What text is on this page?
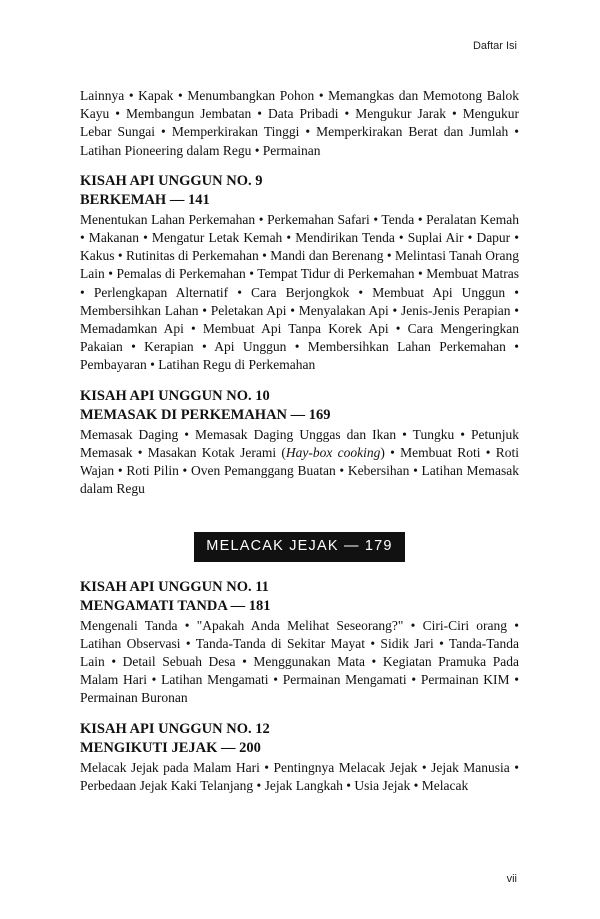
Daftar Isi

Lainnya • Kapak • Menumbangkan Pohon • Memangkas dan Memotong Balok Kayu • Membangun Jembatan • Data Pribadi • Mengukur Jarak • Mengukur Lebar Sungai • Memperkirakan Tinggi • Memperkirakan Berat dan Jumlah • Latihan Pioneering dalam Regu • Permainan

KISAH API UNGGUN NO. 9
BERKEMAH — 141

Menentukan Lahan Perkemahan • Perkemahan Safari • Tenda • Peralatan Kemah • Makanan • Mengatur Letak Kemah • Mendirikan Tenda • Suplai Air • Dapur • Kakus • Rutinitas di Perkemahan • Mandi dan Berenang • Melintasi Tanah Orang Lain • Pemalas di Perkemahan • Tempat Tidur di Perkemahan • Membuat Matras • Perlengkapan Alternatif • Cara Berjongkok • Membuat Api Unggun • Membersihkan Lahan • Peletakan Api • Menyalakan Api • Jenis-Jenis Perapian • Memadamkan Api • Membuat Api Tanpa Korek Api • Cara Mengeringkan Pakaian • Kerapian • Api Unggun • Membersihkan Lahan Perkemahan • Pembayaran • Latihan Regu di Perkemahan

KISAH API UNGGUN NO. 10
MEMASAK DI PERKEMAHAN — 169

Memasak Daging • Memasak Daging Unggas dan Ikan • Tungku • Petunjuk Memasak • Masakan Kotak Jerami (Hay-box cooking) • Membuat Roti • Roti Wajan • Roti Pilin • Oven Pemanggang Buatan • Kebersihan • Latihan Memasak dalam Regu

MELACAK JEJAK — 179
KISAH API UNGGUN NO. 11
MENGAMATI TANDA — 181

Mengenali Tanda • "Apakah Anda Melihat Seseorang?" • Ciri-Ciri orang • Latihan Observasi • Tanda-Tanda di Sekitar Mayat • Sidik Jari • Tanda-Tanda Lain • Detail Sebuah Desa • Menggunakan Mata • Kegiatan Pramuka Pada Malam Hari • Latihan Mengamati • Permainan Mengamati • Permainan KIM • Permainan Buronan

KISAH API UNGGUN NO. 12
MENGIKUTI JEJAK — 200

Melacak Jejak pada Malam Hari • Pentingnya Melacak Jejak • Jejak Manusia • Perbedaan Jejak Kaki Telanjang • Jejak Langkah • Usia Jejak • Melacak

vii
